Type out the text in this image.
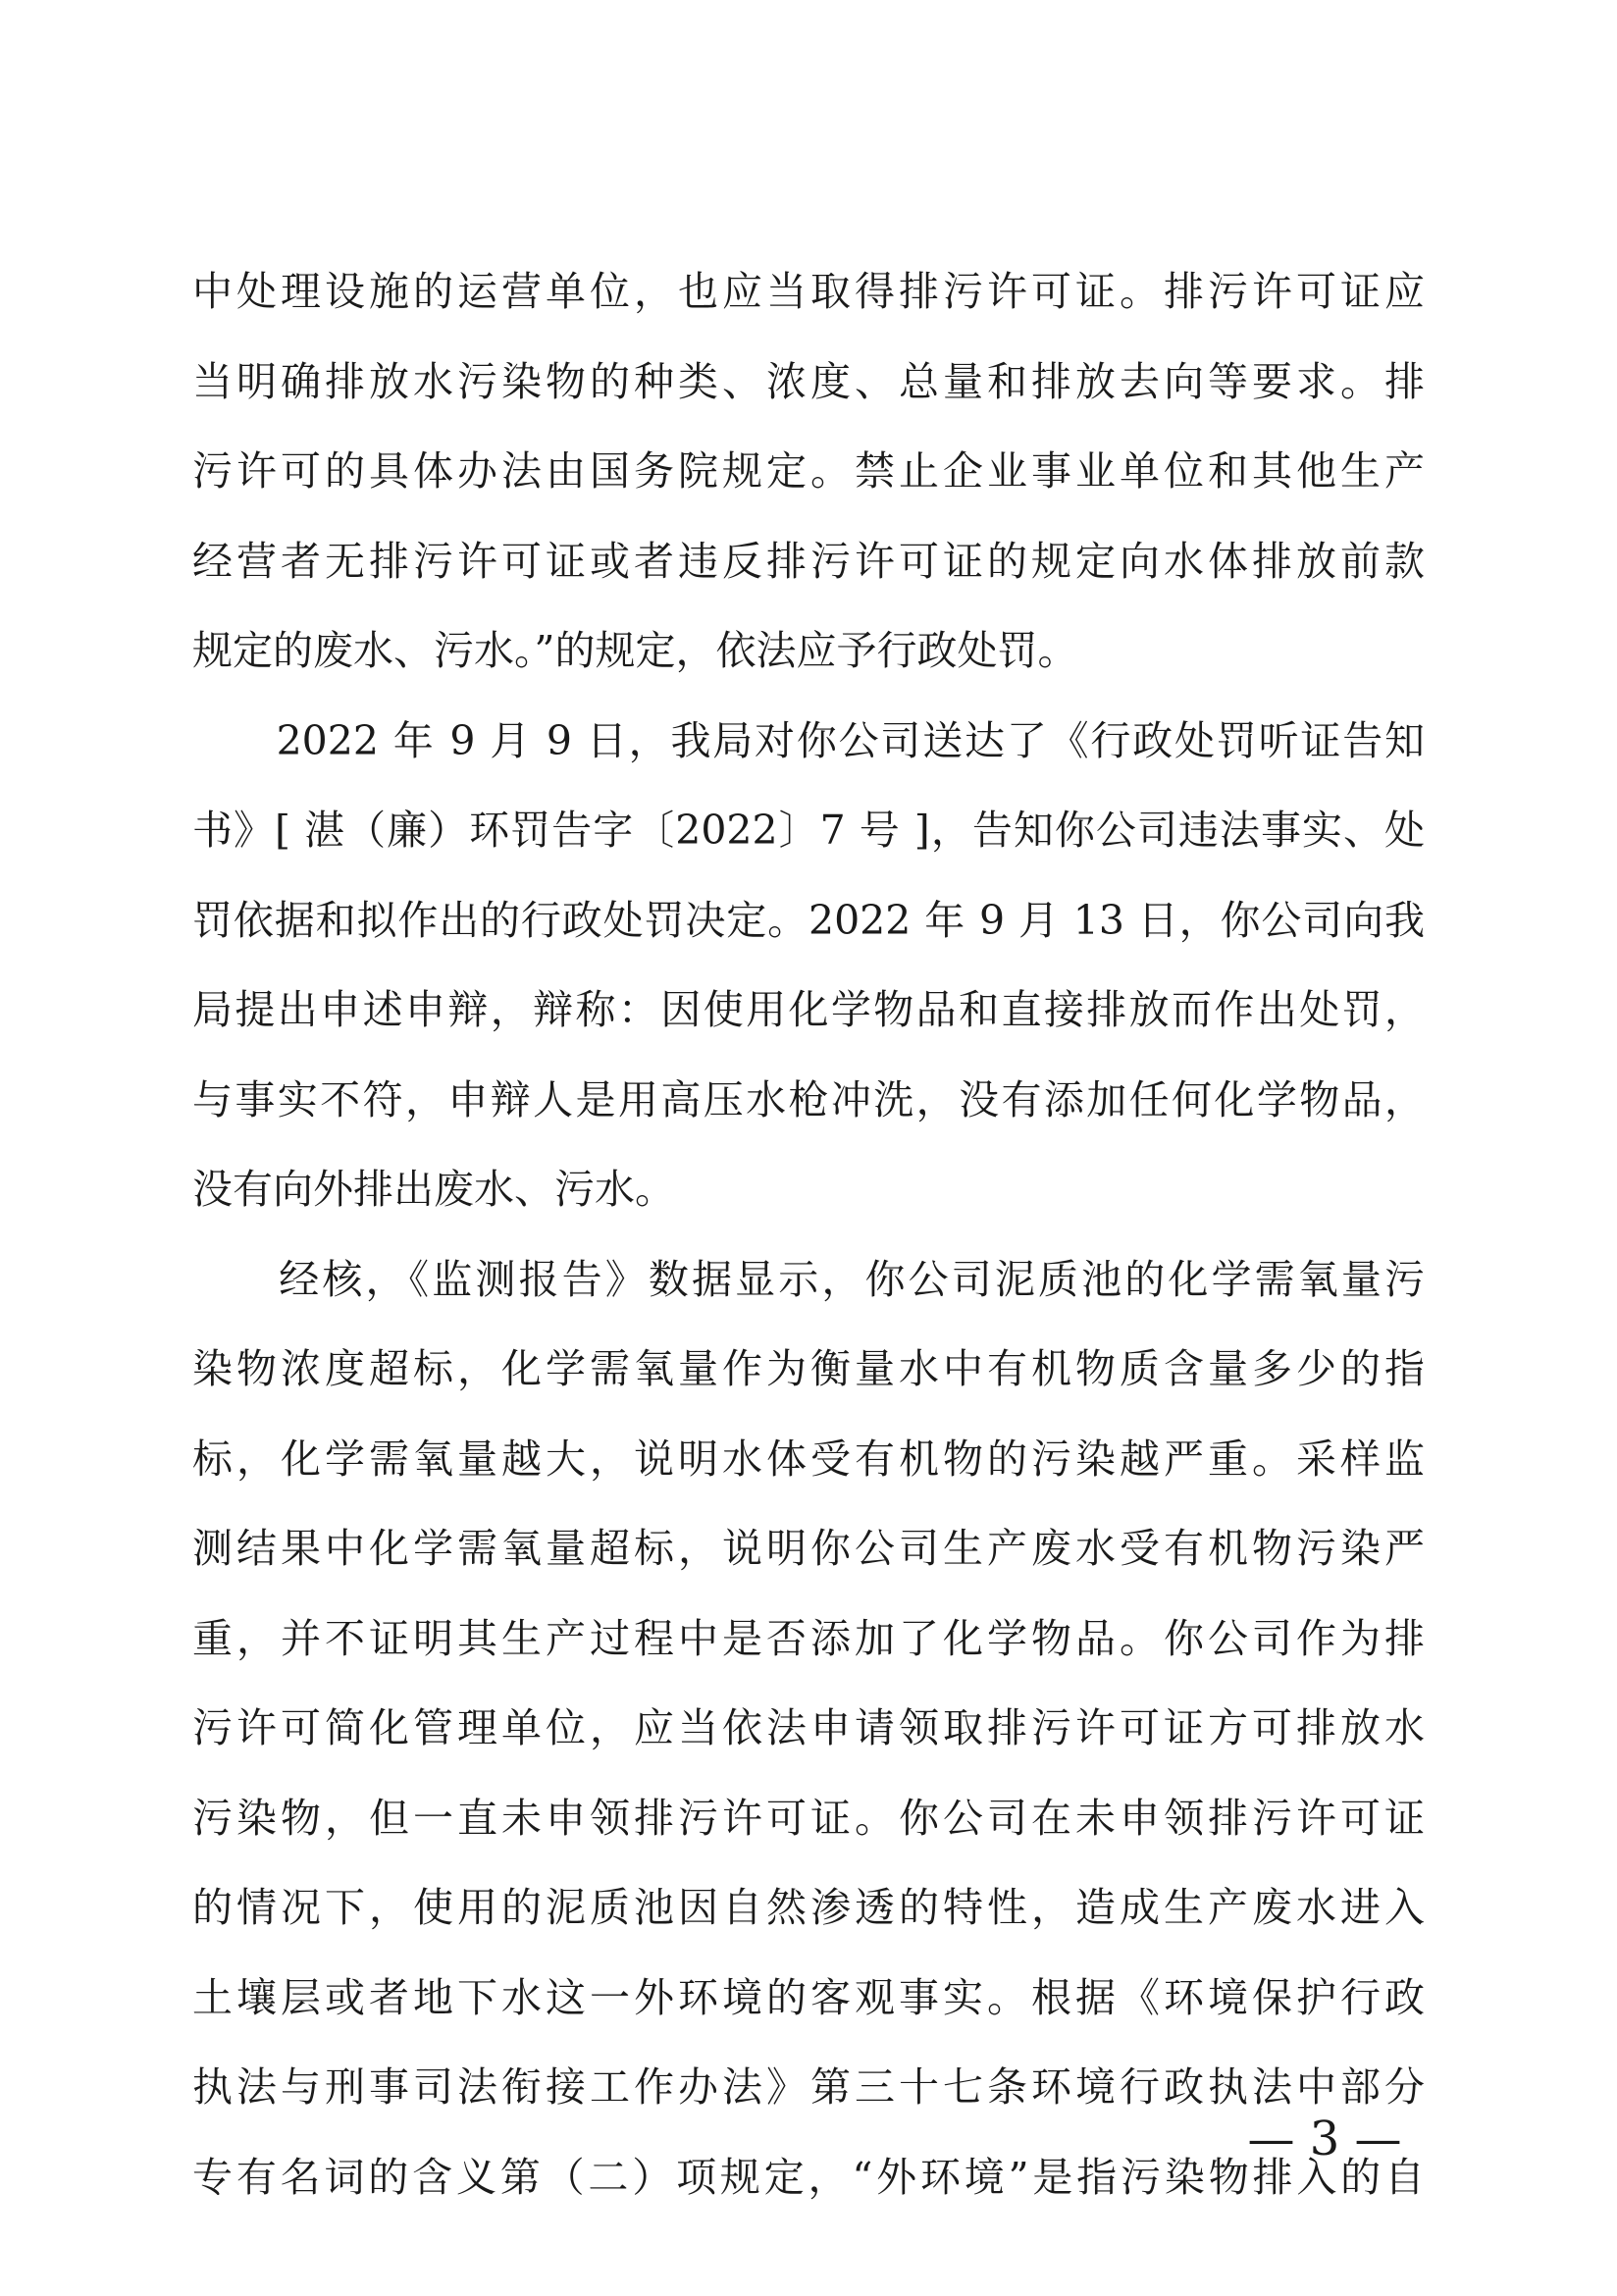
中处理设施的运营单位，也应当取得排污许可证。排污许可证应
当明确排放水污染物的种类、浓度、总量和排放去向等要求。排
污许可的具体办法由国务院规定。禁止企业事业单位和其他生产
经营者无排污许可证或者违反排污许可证的规定向水体排放前款
规定的废水、污水。”的规定，依法应予行政处罚。
　　2022 年 9 月 9 日，我局对你公司送达了《行政处罚听证告知
书》[ 湛（廉）环罚告字〔2022〕7 号 ]，告知你公司违法事实、处
罚依据和拟作出的行政处罚决定。2022 年 9 月 13 日，你公司向我
局提出申述申辩，辩称：因使用化学物品和直接排放而作出处罚，
与事实不符，申辩人是用高压水枪冲洗，没有添加任何化学物品，
没有向外排出废水、污水。
　　经核，《监测报告》数据显示，你公司泥质池的化学需氧量污
染物浓度超标，化学需氧量作为衡量水中有机物质含量多少的指
标，化学需氧量越大，说明水体受有机物的污染越严重。采样监
测结果中化学需氧量超标，说明你公司生产废水受有机物污染严
重，并不证明其生产过程中是否添加了化学物品。你公司作为排
污许可简化管理单位，应当依法申请领取排污许可证方可排放水
污染物，但一直未申领排污许可证。你公司在未申领排污许可证
的情况下，使用的泥质池因自然渗透的特性，造成生产废水进入
土壤层或者地下水这一外环境的客观事实。根据《环境保护行政
执法与刑事司法衔接工作办法》第三十七条环境行政执法中部分
专有名词的含义第（二）项规定，“外环境”是指污染物排入的自
— 3 —
